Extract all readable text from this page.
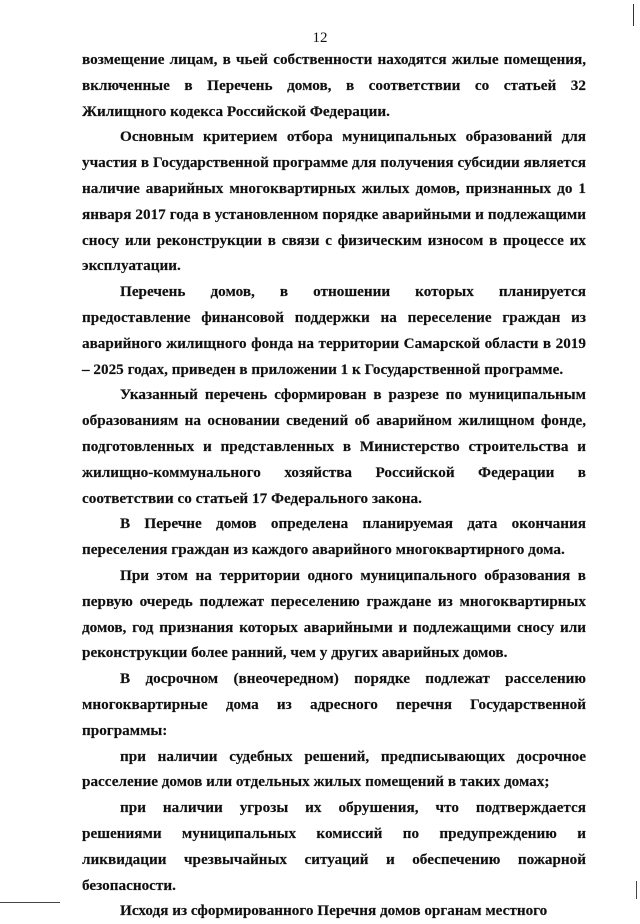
12

возмещение лицам, в чьей собственности находятся жилые помещения, включенные в Перечень домов, в соответствии со статьей 32 Жилищного кодекса Российской Федерации.

Основным критерием отбора муниципальных образований для участия в Государственной программе для получения субсидии является наличие аварийных многоквартирных жилых домов, признанных до 1 января 2017 года в установленном порядке аварийными и подлежащими сносу или реконструкции в связи с физическим износом в процессе их эксплуатации.

Перечень домов, в отношении которых планируется предоставление финансовой поддержки на переселение граждан из аварийного жилищного фонда на территории Самарской области в 2019 – 2025 годах, приведен в приложении 1 к Государственной программе.

Указанный перечень сформирован в разрезе по муниципальным образованиям на основании сведений об аварийном жилищном фонде, подготовленных и представленных в Министерство строительства и жилищно-коммунального хозяйства Российской Федерации в соответствии со статьей 17 Федерального закона.

В Перечне домов определена планируемая дата окончания переселения граждан из каждого аварийного многоквартирного дома.

При этом на территории одного муниципального образования в первую очередь подлежат переселению граждане из многоквартирных домов, год признания которых аварийными и подлежащими сносу или реконструкции более ранний, чем у других аварийных домов.

В досрочном (внеочередном) порядке подлежат расселению многоквартирные дома из адресного перечня Государственной программы:

при наличии судебных решений, предписывающих досрочное расселение домов или отдельных жилых помещений в таких домах;

при наличии угрозы их обрушения, что подтверждается решениями муниципальных комиссий по предупреждению и ликвидации чрезвычайных ситуаций и обеспечению пожарной безопасности.

Исходя из сформированного Перечня домов органам местного
